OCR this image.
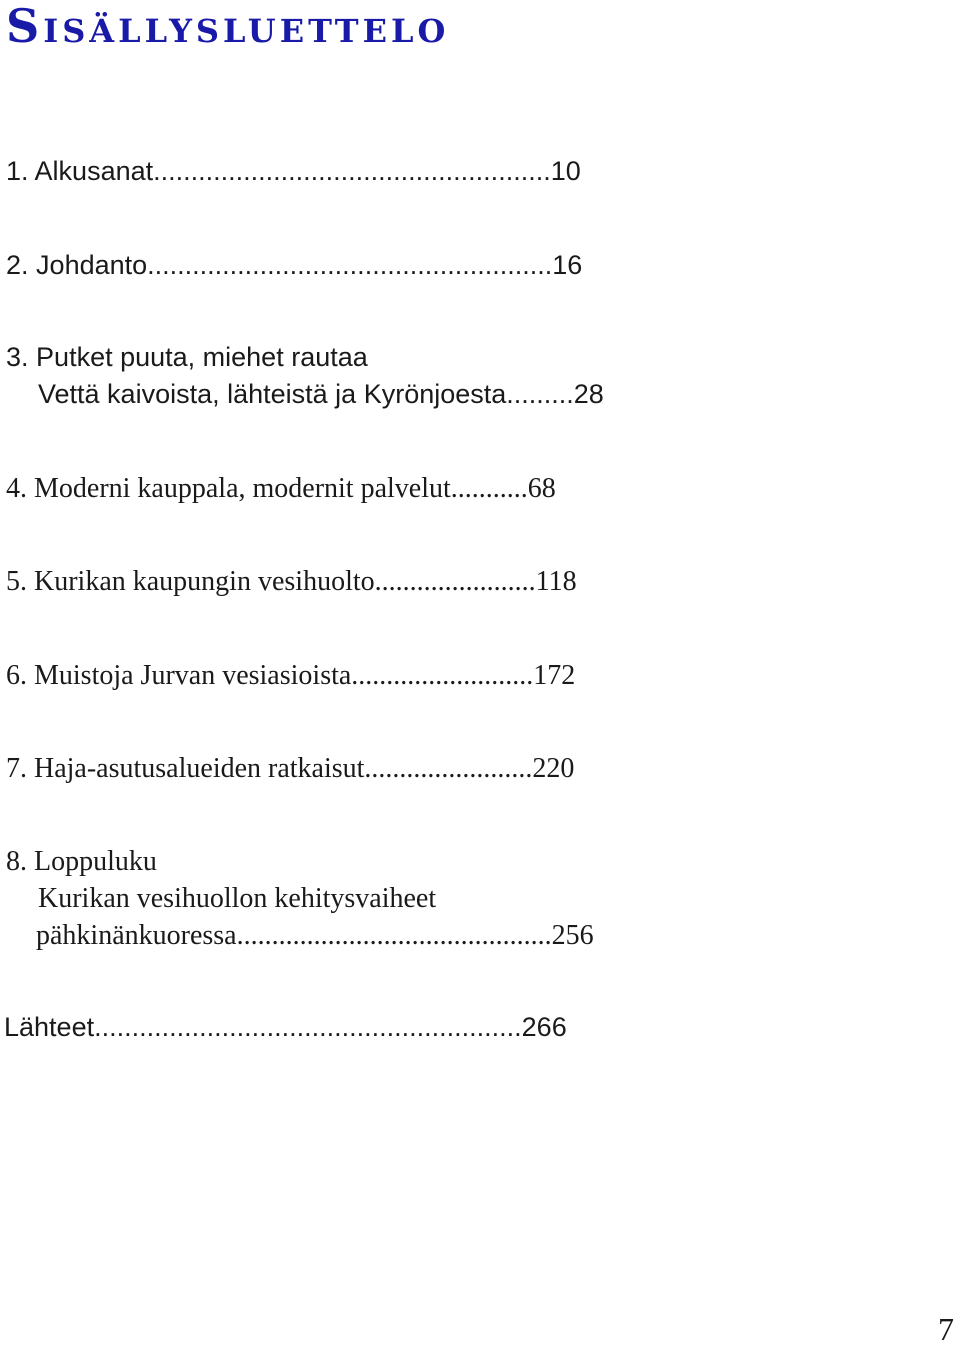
Sisällysluettelo
1. Alkusanat.....................................................10
2. Johdanto......................................................16
3. Putket puuta, miehet rautaa
Vettä kaivoista, lähteistä ja Kyrönjoesta.........28
4. Moderni kauppala, modernit palvelut...........68
5. Kurikan kaupungin vesihuolto.......................118
6. Muistoja Jurvan vesiasioista..........................172
7. Haja-asutusalueiden ratkaisut........................220
8. Loppuluku
Kurikan vesihuollon kehitysvaiheet
pähkinänkuoressa.............................................256
Lähteet.........................................................266
7
